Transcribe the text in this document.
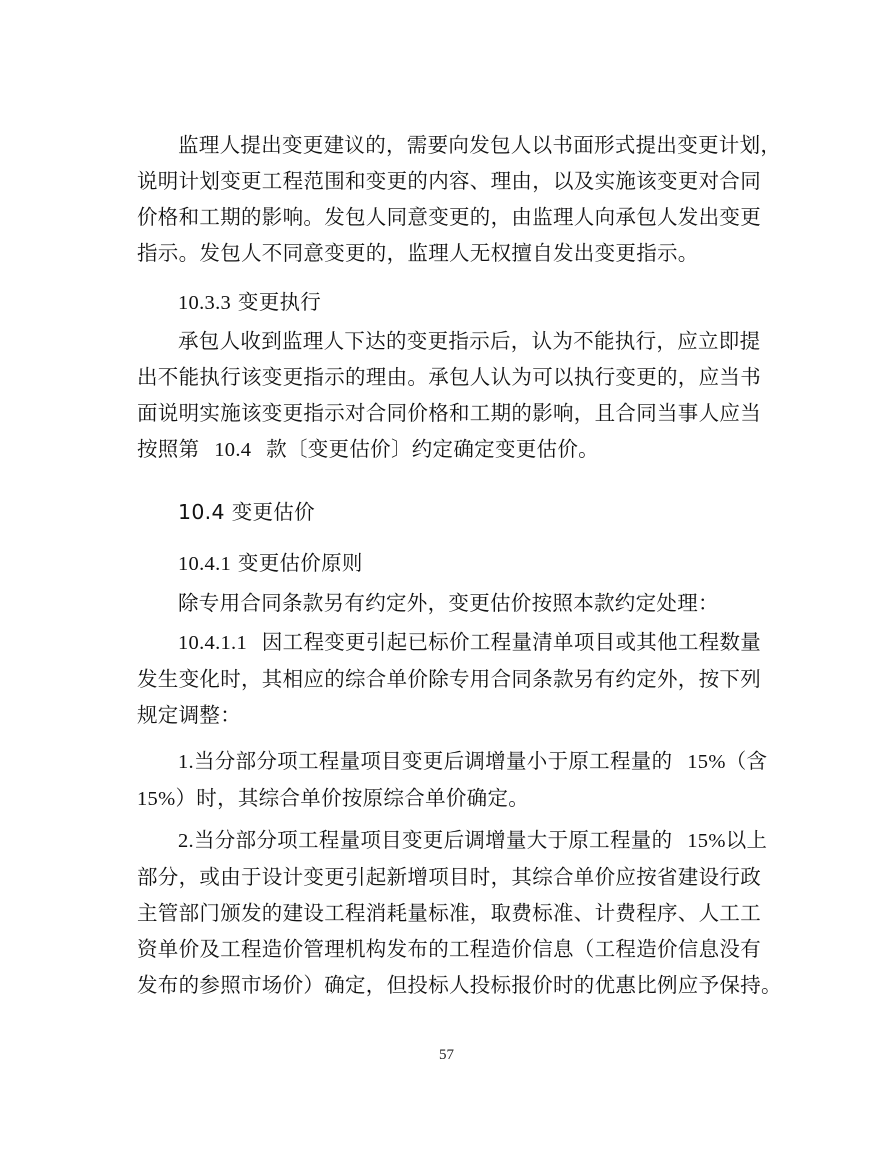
监理人提出变更建议的，需要向发包人以书面形式提出变更计划，

说明计划变更工程范围和变更的内容、理由，以及实施该变更对合同

价格和工期的影响。发包人同意变更的，由监理人向承包人发出变更

指示。发包人不同意变更的，监理人无权擅自发出变更指示。

10.3.3 变更执行

承包人收到监理人下达的变更指示后，认为不能执行，应立即提

出不能执行该变更指示的理由。承包人认为可以执行变更的，应当书

面说明实施该变更指示对合同价格和工期的影响，且合同当事人应当

按照第 10.4 款〔变更估价〕约定确定变更估价。

10.4 变更估价

10.4.1 变更估价原则

除专用合同条款另有约定外，变更估价按照本款约定处理：

10.4.1.1 因工程变更引起已标价工程量清单项目或其他工程数量

发生变化时，其相应的综合单价除专用合同条款另有约定外，按下列

规定调整：

1.当分部分项工程量项目变更后调增量小于原工程量的 15%（含

15%）时，其综合单价按原综合单价确定。

2.当分部分项工程量项目变更后调增量大于原工程量的 15%以上

部分，或由于设计变更引起新增项目时，其综合单价应按省建设行政

主管部门颁发的建设工程消耗量标准，取费标准、计费程序、人工工

资单价及工程造价管理机构发布的工程造价信息（工程造价信息没有

发布的参照市场价）确定，但投标人投标报价时的优惠比例应予保持。

57
